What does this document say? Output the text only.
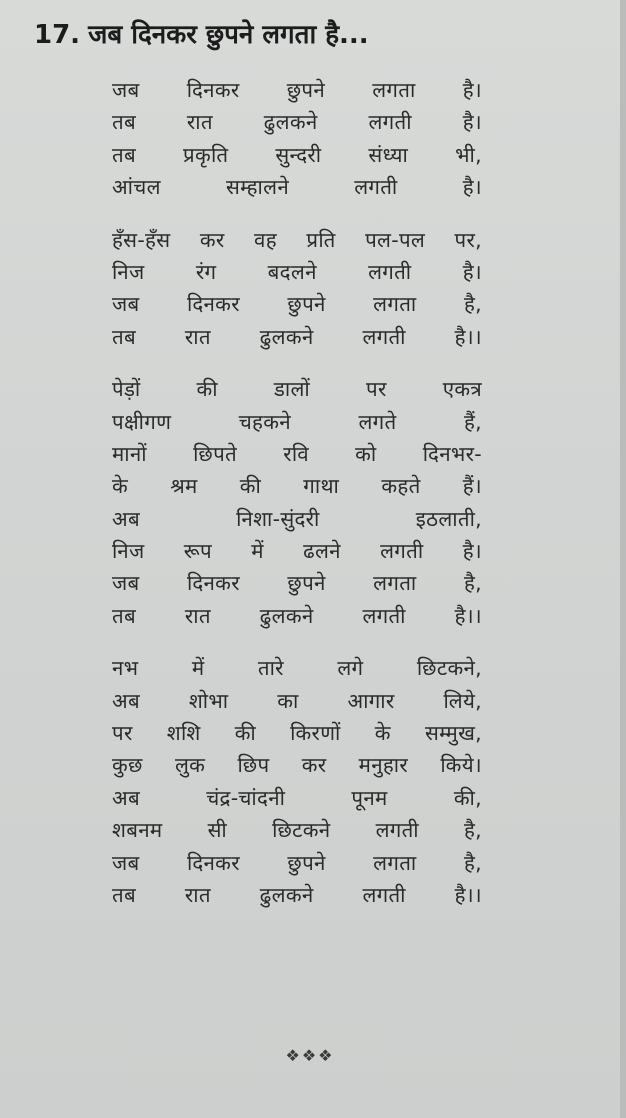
17. जब दिनकर छुपने लगता है...
जब दिनकर छुपने लगता है।
तब रात ढुलकने लगती है।
तब प्रकृति सुन्दरी संध्या भी,
आंचल सम्हालने लगती है।
हँस-हँस कर वह प्रति पल-पल पर,
निज रंग बदलने लगती है।
जब दिनकर छुपने लगता है,
तब रात ढुलकने लगती है।।
पेड़ों की डालों पर एकत्र
पक्षीगण चहकने लगते हैं,
मानों छिपते रवि को दिनभर-
के श्रम की गाथा कहते हैं।
अब निशा-सुंदरी इठलाती,
निज रूप में ढलने लगती है।
जब दिनकर छुपने लगता है,
तब रात ढुलकने लगती है।।
नभ में तारे लगे छिटकने,
अब शोभा का आगार लिये,
पर शशि की किरणों के सम्मुख,
कुछ लुक छिप कर मनुहार किये।
अब चंद्र-चांदनी पूनम की,
शबनम सी छिटकने लगती है,
जब दिनकर छुपने लगता है,
तब रात ढुलकने लगती है।।
❖❖❖
